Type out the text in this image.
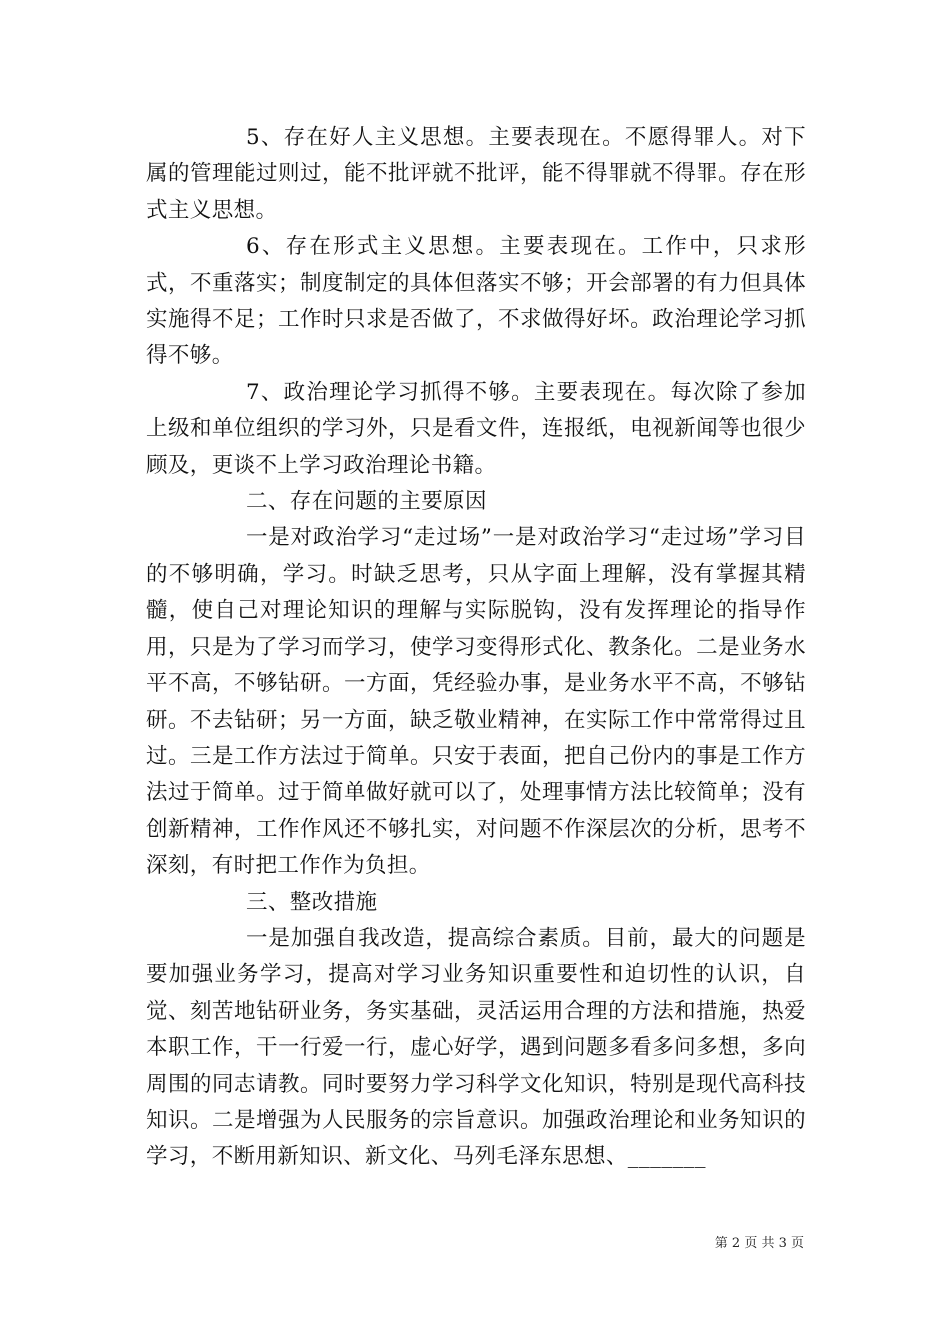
5、存在好人主义思想。主要表现在。不愿得罪人。对下属的管理能过则过，能不批评就不批评，能不得罪就不得罪。存在形式主义思想。

6、存在形式主义思想。主要表现在。工作中，只求形式，不重落实；制度制定的具体但落实不够；开会部署的有力但具体实施得不足；工作时只求是否做了，不求做得好坏。政治理论学习抓得不够。

7、政治理论学习抓得不够。主要表现在。每次除了参加上级和单位组织的学习外，只是看文件，连报纸，电视新闻等也很少顾及，更谈不上学习政治理论书籍。

二、存在问题的主要原因

一是对政治学习“走过场”一是对政治学习“走过场”学习目的不够明确，学习。时缺乏思考，只从字面上理解，没有掌握其精髓，使自己对理论知识的理解与实际脱钩，没有发挥理论的指导作用，只是为了学习而学习，使学习变得形式化、教条化。二是业务水平不高，不够钻研。一方面，凭经验办事，是业务水平不高，不够钻研。不去钻研；另一方面，缺乏敬业精神，在实际工作中常常得过且过。三是工作方法过于简单。只安于表面，把自己份内的事是工作方法过于简单。过于简单做好就可以了，处理事情方法比较简单；没有创新精神，工作作风还不够扎实，对问题不作深层次的分析，思考不深刻，有时把工作作为负担。

三、整改措施

一是加强自我改造，提高综合素质。目前，最大的问题是要加强业务学习，提高对学习业务知识重要性和迫切性的认识，自觉、刻苦地钻研业务，务实基础，灵活运用合理的方法和措施，热爱本职工作，干一行爱一行，虚心好学，遇到问题多看多问多想，多向周围的同志请教。同时要努力学习科学文化知识，特别是现代高科技知识。二是增强为人民服务的宗旨意识。加强政治理论和业务知识的学习，不断用新知识、新文化、马列毛泽东思想、_______

第 2 页 共 3 页
